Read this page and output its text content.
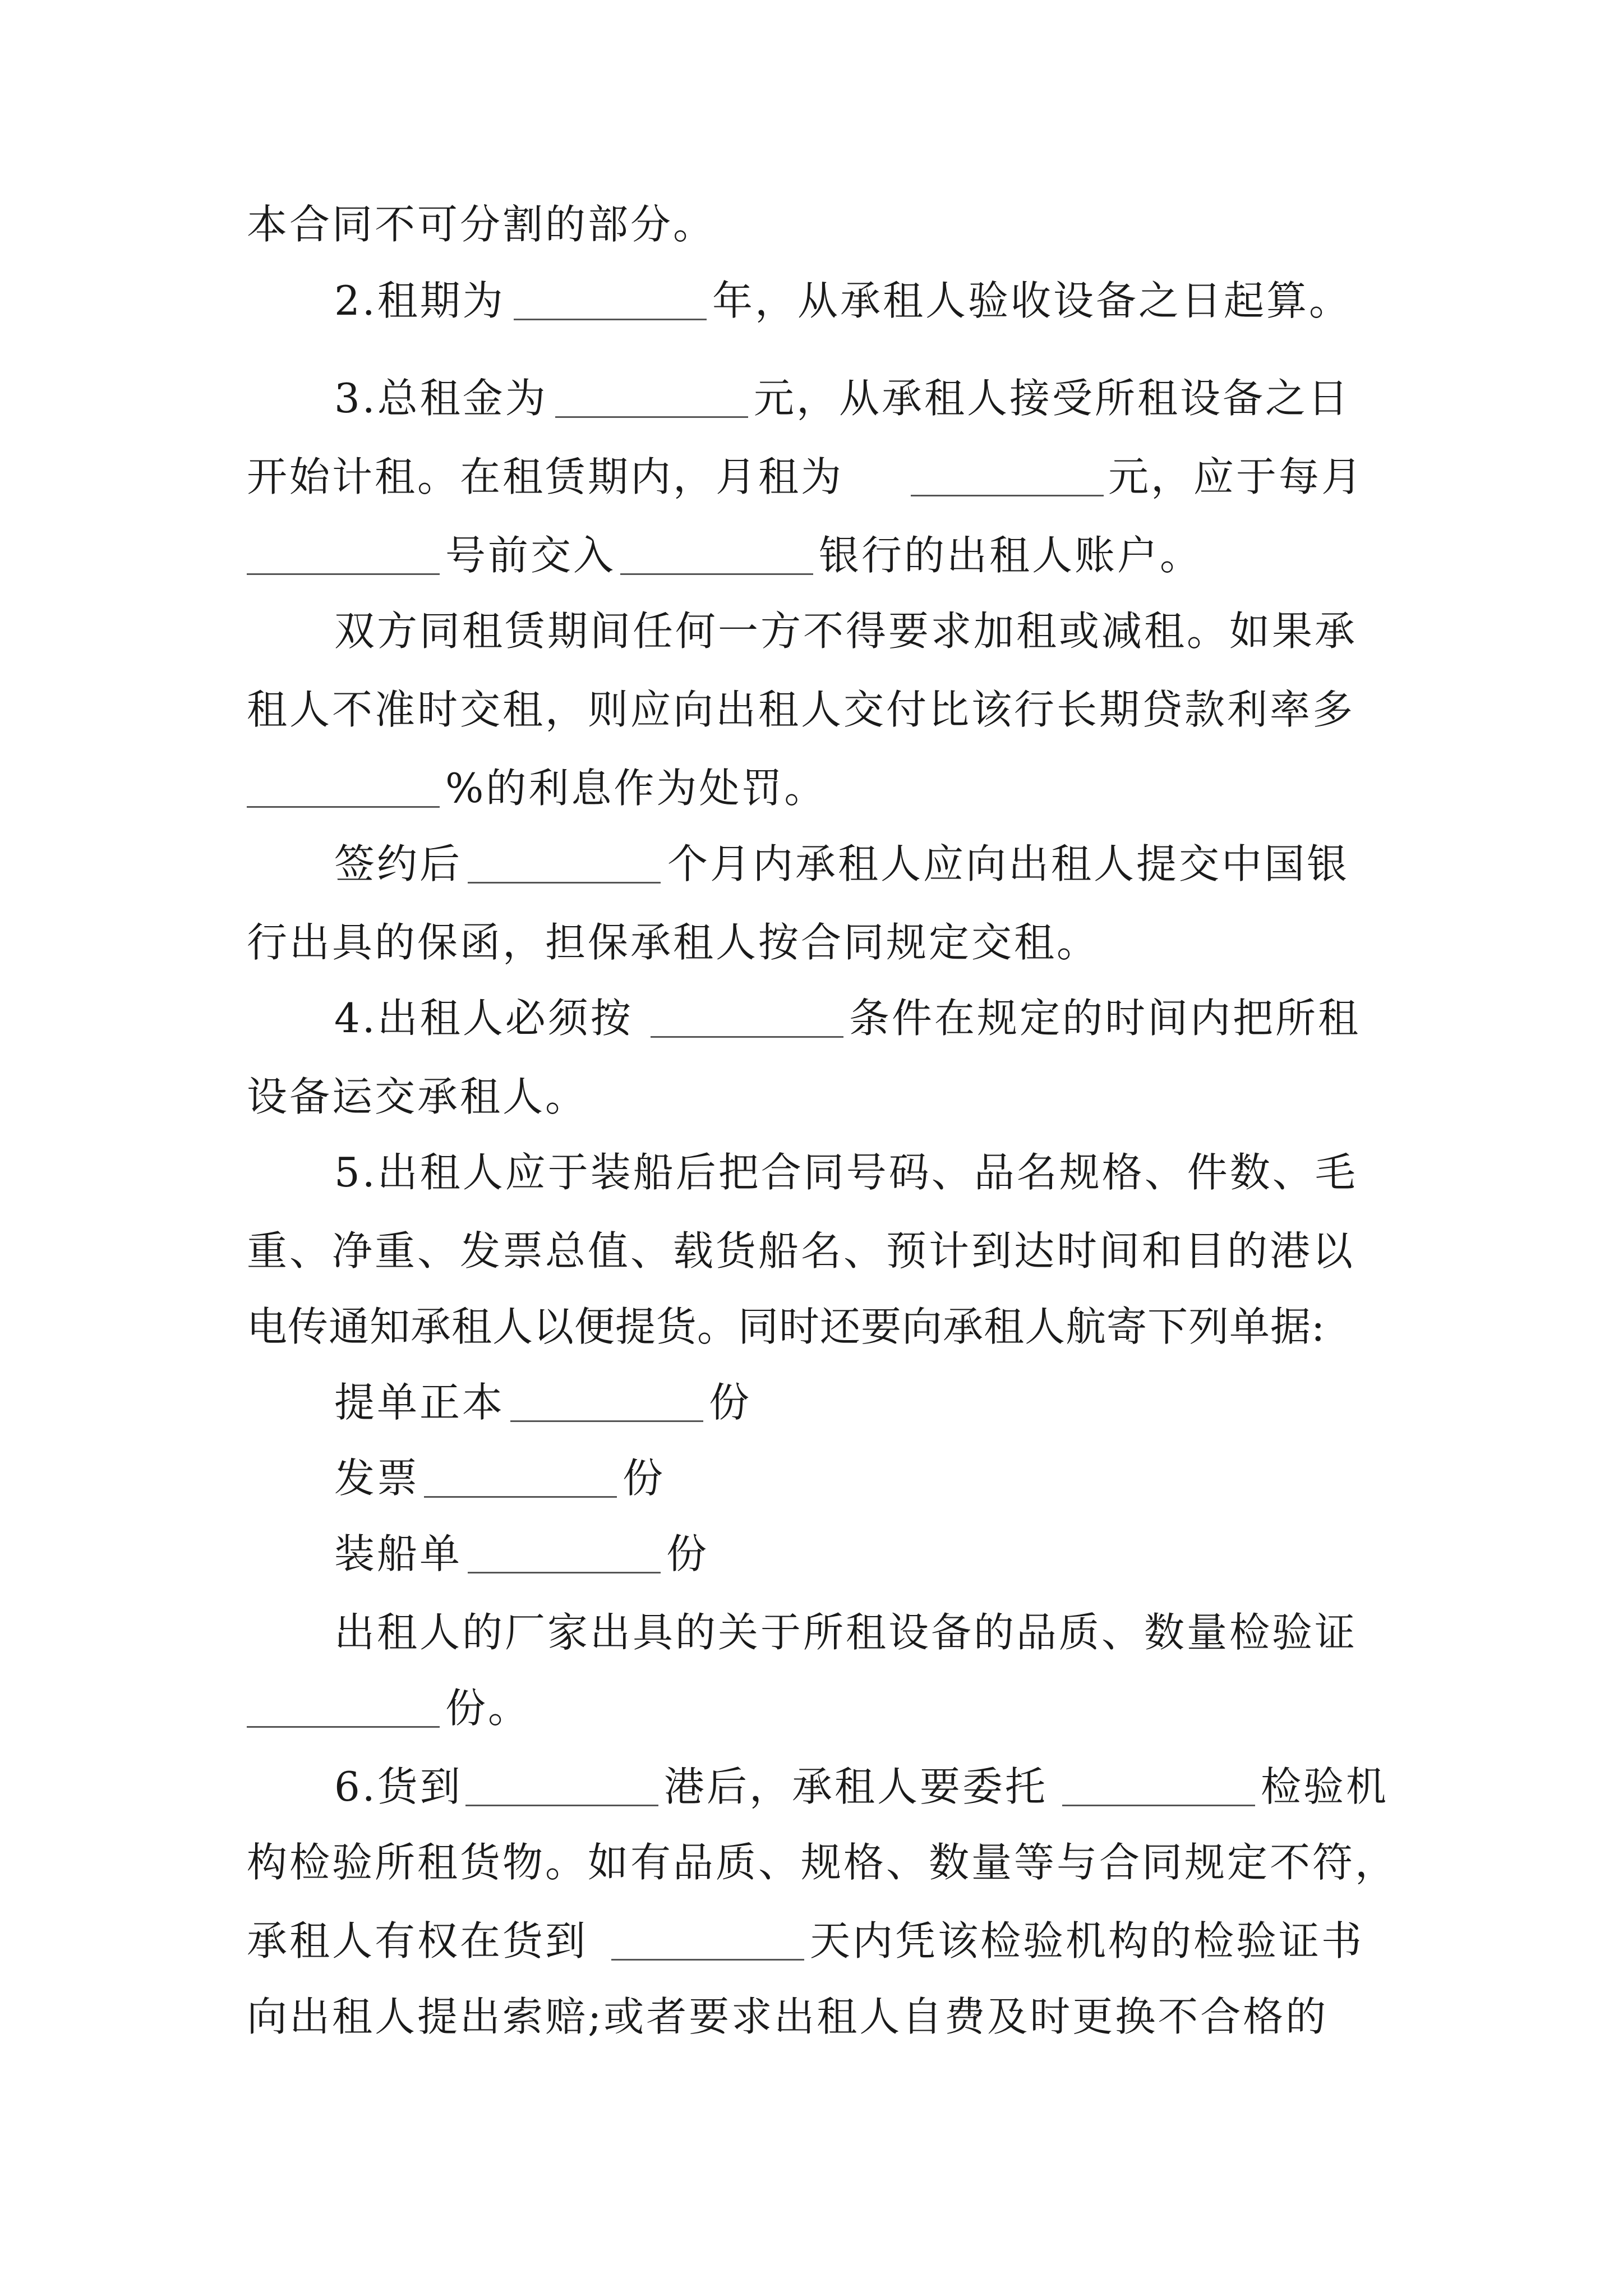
本合同不可分割的部分。
2.租期为	年，从承租人验收设备之日起算。
3.总租金为	元，从承租人接受所租设备之日
开始计租。在租赁期内，月租为	元，应于每月
号前交入	银行的出租人账户。
双方同租赁期间任何一方不得要求加租或减租。如果承
租人不准时交租，则应向出租人交付比该行长期贷款利率多
%的利息作为处罚。
签约后	个月内承租人应向出租人提交中国银
行出具的保函，担保承租人按合同规定交租。
4.出租人必须按	条件在规定的时间内把所租
设备运交承租人。
5.出租人应于装船后把合同号码、品名规格、件数、毛
重、净重、发票总值、载货船名、预计到达时间和目的港以
电传通知承租人以便提货。同时还要向承租人航寄下列单据:
提单正本	份
发票	份
装船单	份
出租人的厂家出具的关于所租设备的品质、数量检验证
份。
6.货到	港后，承租人要委托	检验机
构检验所租货物。如有品质、规格、数量等与合同规定不符，
承租人有权在货到	天内凭该检验机构的检验证书
向出租人提出索赔;或者要求出租人自费及时更换不合格的
